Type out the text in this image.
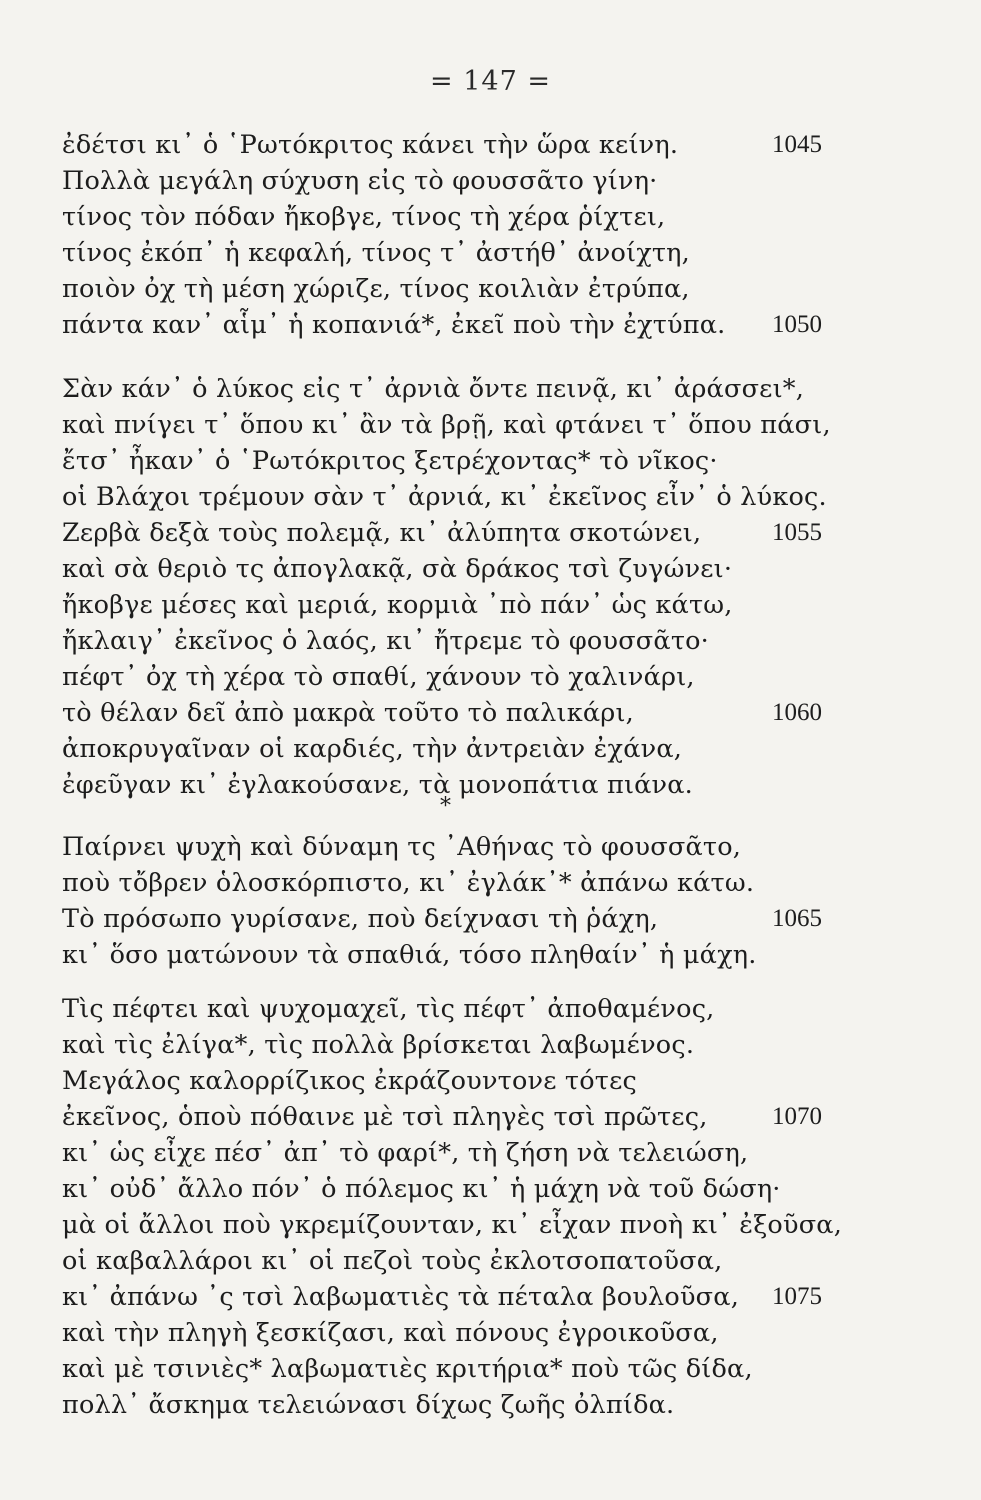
= 147 =
ἐδέτσι κι᾽ ὁ ῾Ρωτόκριτος κάνει τὴν ὥρα κείνη.	1045
Πολλὰ μεγάλη σύχυση εἰς τὸ φουσσᾶτο γίνη·
τίνος τὸν πόδαν ἤκοβγε, τίνος τὴ χέρα ῥίχτει,
τίνος ἐκόπ᾽ ἡ κεφαλή, τίνος τ᾽ ἀστήθ᾽ ἀνοίχτη,
ποιὸν ὀχ τὴ μέση χώριζε, τίνος κοιλιὰν ἐτρύπα,
πάντα καν᾽ αἷμ᾽ ἡ κοπανιά*, ἐκεῖ ποὺ τὴν ἐχτύπα. 1050
Σὰν κάν᾽ ὁ λύκος εἰς τ᾽ ἀρνιὰ ὄντε πεινᾷ, κι᾽ ἀράσσει*,
καὶ πνίγει τ᾽ ὅπου κι᾽ ἂν τὰ βρῇ, καὶ φτάνει τ᾽ ὅπου πάσι,
ἔτσ᾽ ἦκαν᾽ ὁ ῾Ρωτόκριτος ξετρέχοντας* τὸ νῖκος·
οἱ Βλάχοι τρέμουν σὰν τ᾽ ἀρνιά, κι᾽ ἐκεῖνος εἶν᾽ ὁ λύκος.
Ζερβὰ δεξὰ τοὺς πολεμᾷ, κι᾽ ἀλύπητα σκοτώνει,	1055
καὶ σὰ θεριὸ τς ἀπογλακᾷ, σὰ δράκος τσὶ ζυγώνει·
ἤκοβγε μέσες καὶ μεριά, κορμιὰ ᾽πὸ πάν᾽ ὡς κάτω,
ἤκλαιγ᾽ ἐκεῖνος ὁ λαός, κι᾽ ἤτρεμε τὸ φουσσᾶτο·
πέφτ᾽ ὀχ τὴ χέρα τὸ σπαθί, χάνουν τὸ χαλινάρι,
τὸ θέλαν δεῖ ἀπὸ μακρὰ τοῦτο τὸ παλικάρι,	1060
ἀποκρυγαῖναν οἱ καρδιές, τὴν ἀντρειὰν ἐχάνα,
ἐφεῦγαν κι᾽ ἐγλακούσανε, τὰ μονοπάτια πιάνα.
*
Παίρνει ψυχὴ καὶ δύναμη τς ᾽Αθήνας τὸ φουσσᾶτο,
ποὺ τὄβρεν ὁλοσκόρπιστο, κι᾽ ἐγλάκ᾽* ἀπάνω κάτω.
Τὸ πρόσωπο γυρίσανε, ποὺ δείχνασι τὴ ῥάχη,	1065
κι᾽ ὅσο ματώνουν τὰ σπαθιά, τόσο πληθαίν᾽ ἡ μάχη.
Τὶς πέφτει καὶ ψυχομαχεῖ, τὶς πέφτ᾽ ἀποθαμένος,
καὶ τὶς ἐλίγα*, τὶς πολλὰ βρίσκεται λαβωμένος.
Μεγάλος καλορρίζικος ἐκράζουντονε τότες
ἐκεῖνος, ὁποὺ πόθαινε μὲ τσὶ πληγὲς τσὶ πρῶτες,	1070
κι᾽ ὡς εἶχε πέσ᾽ ἀπ᾽ τὸ φαρί*, τὴ ζήση νὰ τελειώση,
κι᾽ οὐδ᾽ ἄλλο πόν᾽ ὁ πόλεμος κι᾽ ἡ μάχη νὰ τοῦ δώση·
μὰ οἱ ἄλλοι ποὺ γκρεμίζουνταν, κι᾽ εἶχαν πνοὴ κι᾽ ἐξοῦσα,
οἱ καβαλλάροι κι᾽ οἱ πεζοὶ τοὺς ἐκλοτσοπατοῦσα,
κι᾽ ἀπάνω ᾽ς τσὶ λαβωματιὲς τὰ πέταλα βουλοῦσα, 1075
καὶ τὴν πληγὴ ξεσκίζασι, καὶ πόνους ἐγροικοῦσα,
καὶ μὲ τσινιὲς* λαβωματιὲς κριτήρια* ποὺ τῶς δίδα,
πολλ᾽ ἄσκημα τελειώνασι δίχως ζωῆς ὀλπίδα.
